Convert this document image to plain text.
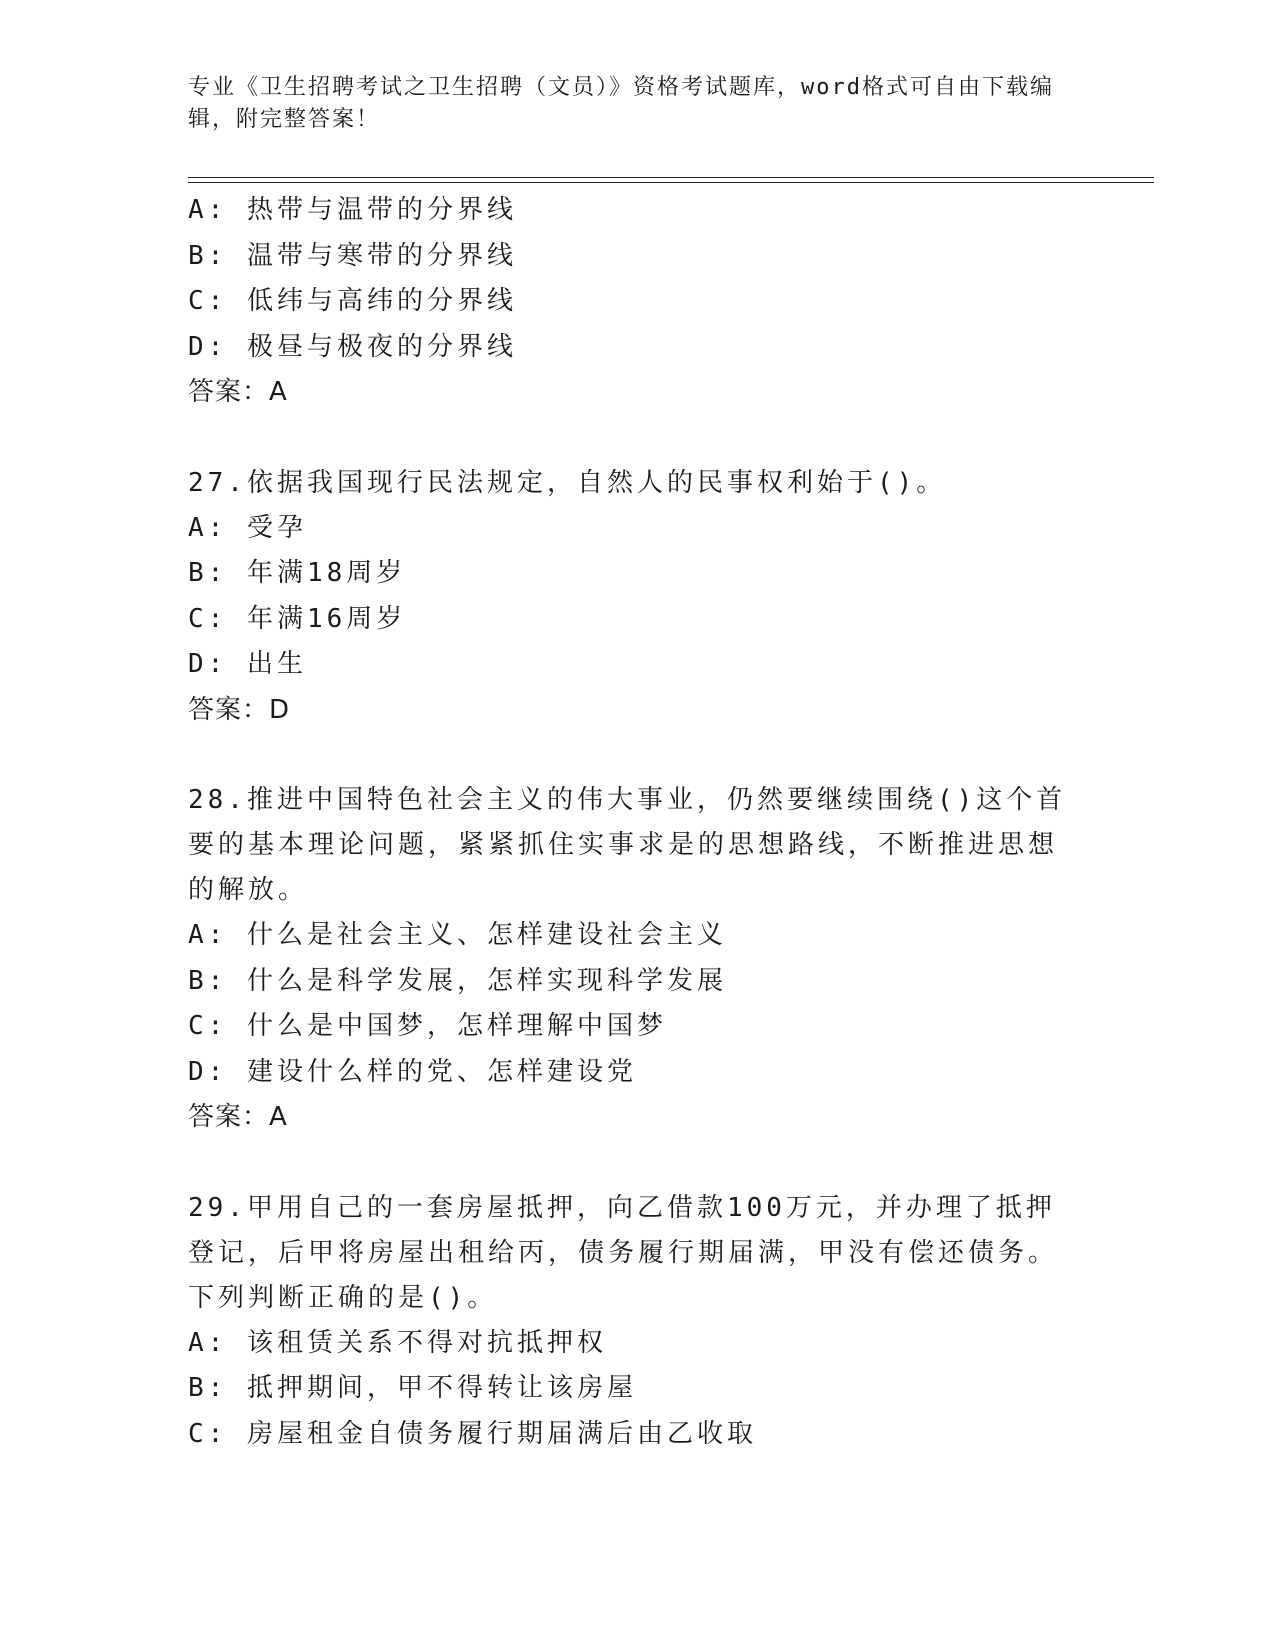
专业《卫生招聘考试之卫生招聘（文员）》资格考试题库，word格式可自由下载编辑，附完整答案！
A: 热带与温带的分界线
B: 温带与寒带的分界线
C: 低纬与高纬的分界线
D: 极昼与极夜的分界线
答案：A
27.依据我国现行民法规定，自然人的民事权利始于()。
A: 受孕
B: 年满18周岁
C: 年满16周岁
D: 出生
答案：D
28.推进中国特色社会主义的伟大事业，仍然要继续围绕()这个首要的基本理论问题，紧紧抓住实事求是的思想路线，不断推进思想的解放。
A: 什么是社会主义、怎样建设社会主义
B: 什么是科学发展，怎样实现科学发展
C: 什么是中国梦，怎样理解中国梦
D: 建设什么样的党、怎样建设党
答案：A
29.甲用自己的一套房屋抵押，向乙借款100万元，并办理了抵押登记，后甲将房屋出租给丙，债务履行期届满，甲没有偿还债务。下列判断正确的是()。
A: 该租赁关系不得对抗抵押权
B: 抵押期间，甲不得转让该房屋
C: 房屋租金自债务履行期届满后由乙收取
